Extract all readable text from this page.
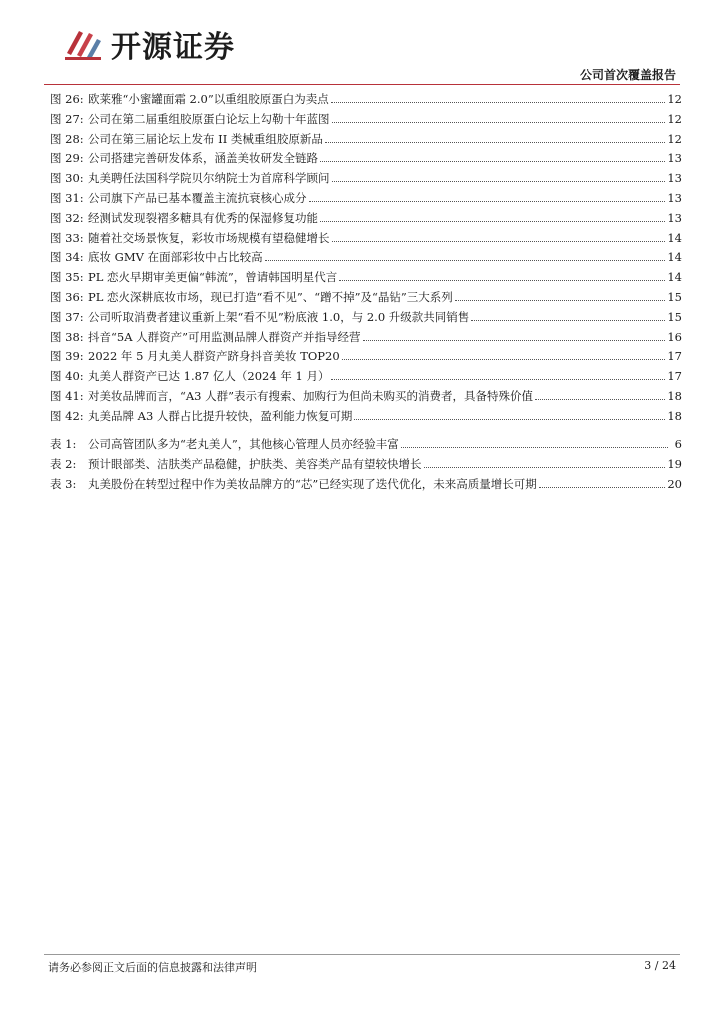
开源证券
公司首次覆盖报告
图 26: 欧莱雅“小蜜罐面霜 2.0”以重组胶原蛋白为卖点	12
图 27: 公司在第二届重组胶原蛋白论坛上勾勒十年蓝图	12
图 28: 公司在第三届论坛上发布 II 类械重组胶原新品	12
图 29: 公司搭建完善研发体系，涵盖美妆研发全链路	13
图 30: 丸美聘任法国科学院贝尔纳院士为首席科学顾问	13
图 31: 公司旗下产品已基本覆盖主流抗衰核心成分	13
图 32: 经测试发现裂褶多糖具有优秀的保湿修复功能	13
图 33: 随着社交场景恢复，彩妆市场规模有望稳健增长	14
图 34: 底妆 GMV 在面部彩妆中占比较高	14
图 35: PL 恋火早期审美更偏“韩流”，曾请韩国明星代言	14
图 36: PL 恋火深耕底妆市场，现已打造“看不见”、“蹭不掉”及“晶钻”三大系列	15
图 37: 公司听取消费者建议重新上架“看不见”粉底液 1.0，与 2.0 升级款共同销售	15
图 38: 抖音“5A 人群资产”可用监测品牌人群资产并指导经营	16
图 39: 2022 年 5 月丸美人群资产跻身抖音美妆 TOP20	17
图 40: 丸美人群资产已达 1.87 亿人（2024 年 1 月）	17
图 41: 对美妆品牌而言，“A3 人群”表示有搜索、加购行为但尚未购买的消费者，具备特殊价值	18
图 42: 丸美品牌 A3 人群占比提升较快，盈利能力恢复可期	18
表 1:	公司高管团队多为“老丸美人”，其他核心管理人员亦经验丰富	6
表 2:	预计眼部类、洁肤类产品稳健，护肤类、美容类产品有望较快增长	19
表 3:	丸美股份在转型过程中作为美妆品牌方的“芯”已经实现了迭代优化，未来高质量增长可期	20
请务必参阅正文后面的信息披露和法律声明	3 / 24
